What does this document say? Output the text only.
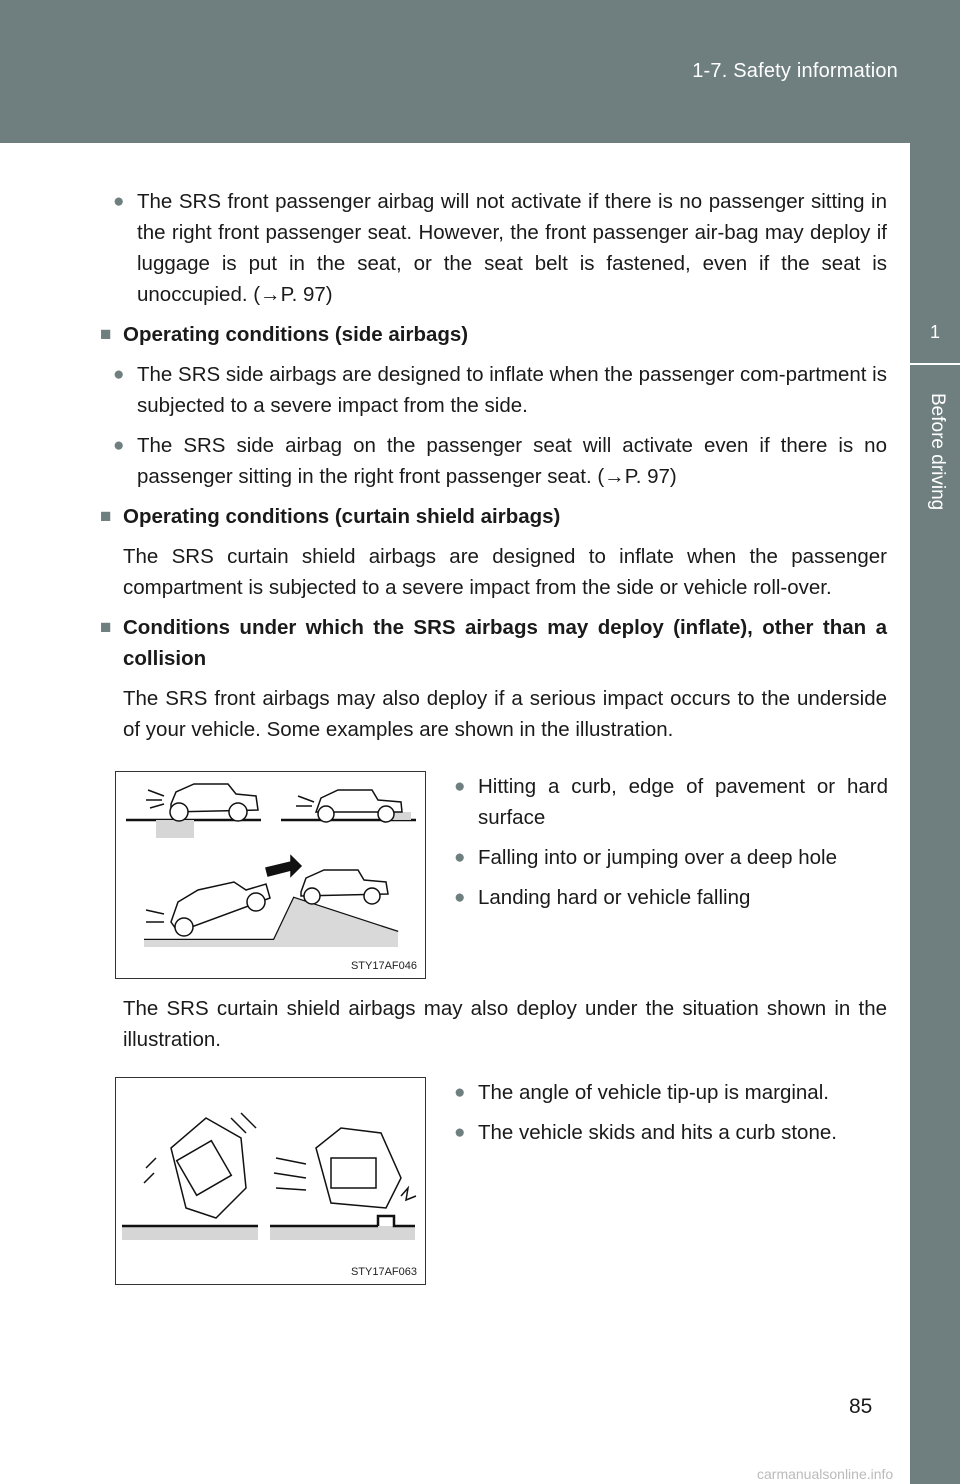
1-7. Safety information
1
Before driving
● The SRS front passenger airbag will not activate if there is no passenger sitting in the right front passenger seat. However, the front passenger air-bag may deploy if luggage is put in the seat, or the seat belt is fastened, even if the seat is unoccupied. (→P. 97)
■ Operating conditions (side airbags)
● The SRS side airbags are designed to inflate when the passenger com-partment is subjected to a severe impact from the side.
● The SRS side airbag on the passenger seat will activate even if there is no passenger sitting in the right front passenger seat. (→P. 97)
■ Operating conditions (curtain shield airbags)
The SRS curtain shield airbags are designed to inflate when the passenger compartment is subjected to a severe impact from the side or vehicle roll-over.
■ Conditions under which the SRS airbags may deploy (inflate), other than a collision
The SRS front airbags may also deploy if a serious impact occurs to the underside of your vehicle. Some examples are shown in the illustration.
STY17AF046
● Hitting a curb, edge of pavement or hard surface
● Falling into or jumping over a deep hole
● Landing hard or vehicle falling
The SRS curtain shield airbags may also deploy under the situation shown in the illustration.
STY17AF063
● The angle of vehicle tip-up is marginal.
● The vehicle skids and hits a curb stone.
85
carmanualsonline.info
